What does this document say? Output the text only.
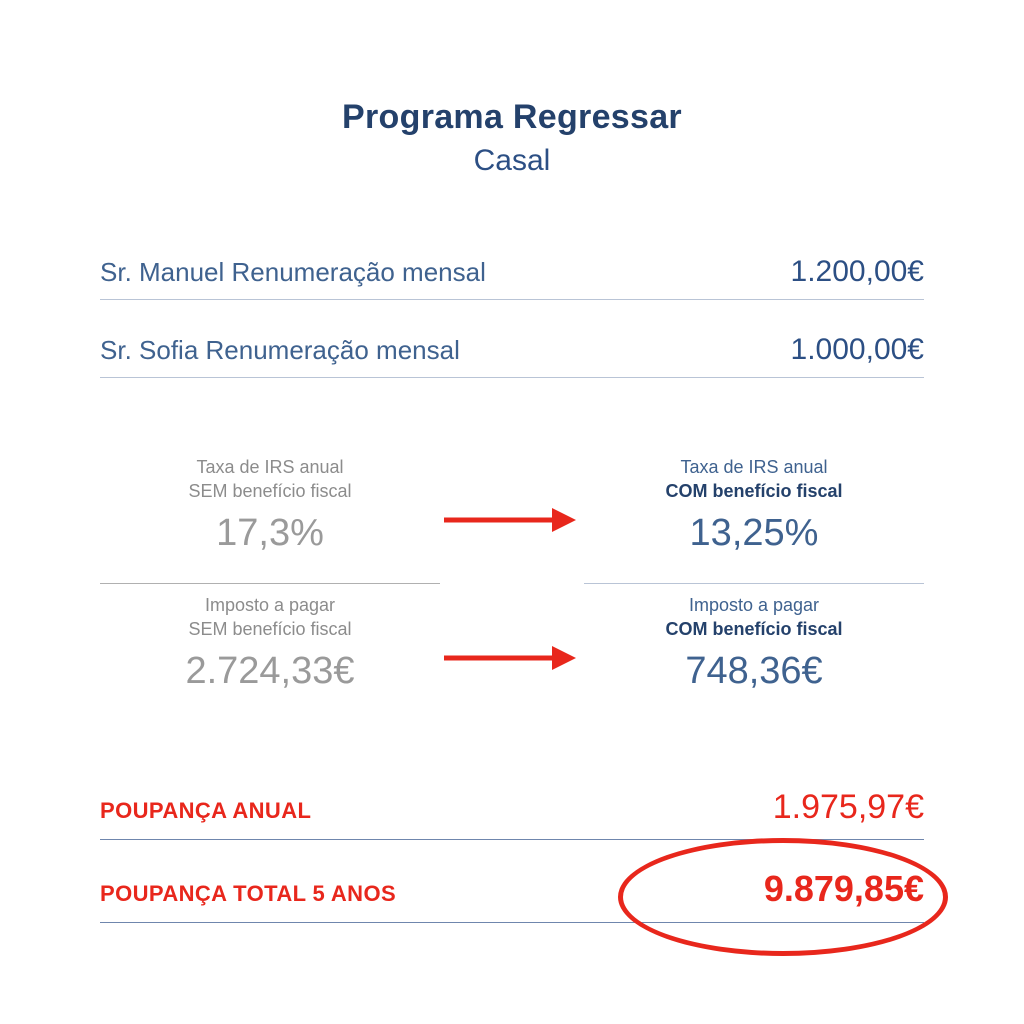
Programa Regressar
Casal
Sr. Manuel Renumeração mensal	1.200,00€
Sr. Sofia Renumeração mensal	1.000,00€
Taxa de IRS anual
SEM benefício fiscal
17,3%
Taxa de IRS anual
COM benefício fiscal
13,25%
Imposto a pagar
SEM benefício fiscal
2.724,33€
Imposto a pagar
COM benefício fiscal
748,36€
POUPANÇA ANUAL	1.975,97€
POUPANÇA TOTAL 5 ANOS	9.879,85€
